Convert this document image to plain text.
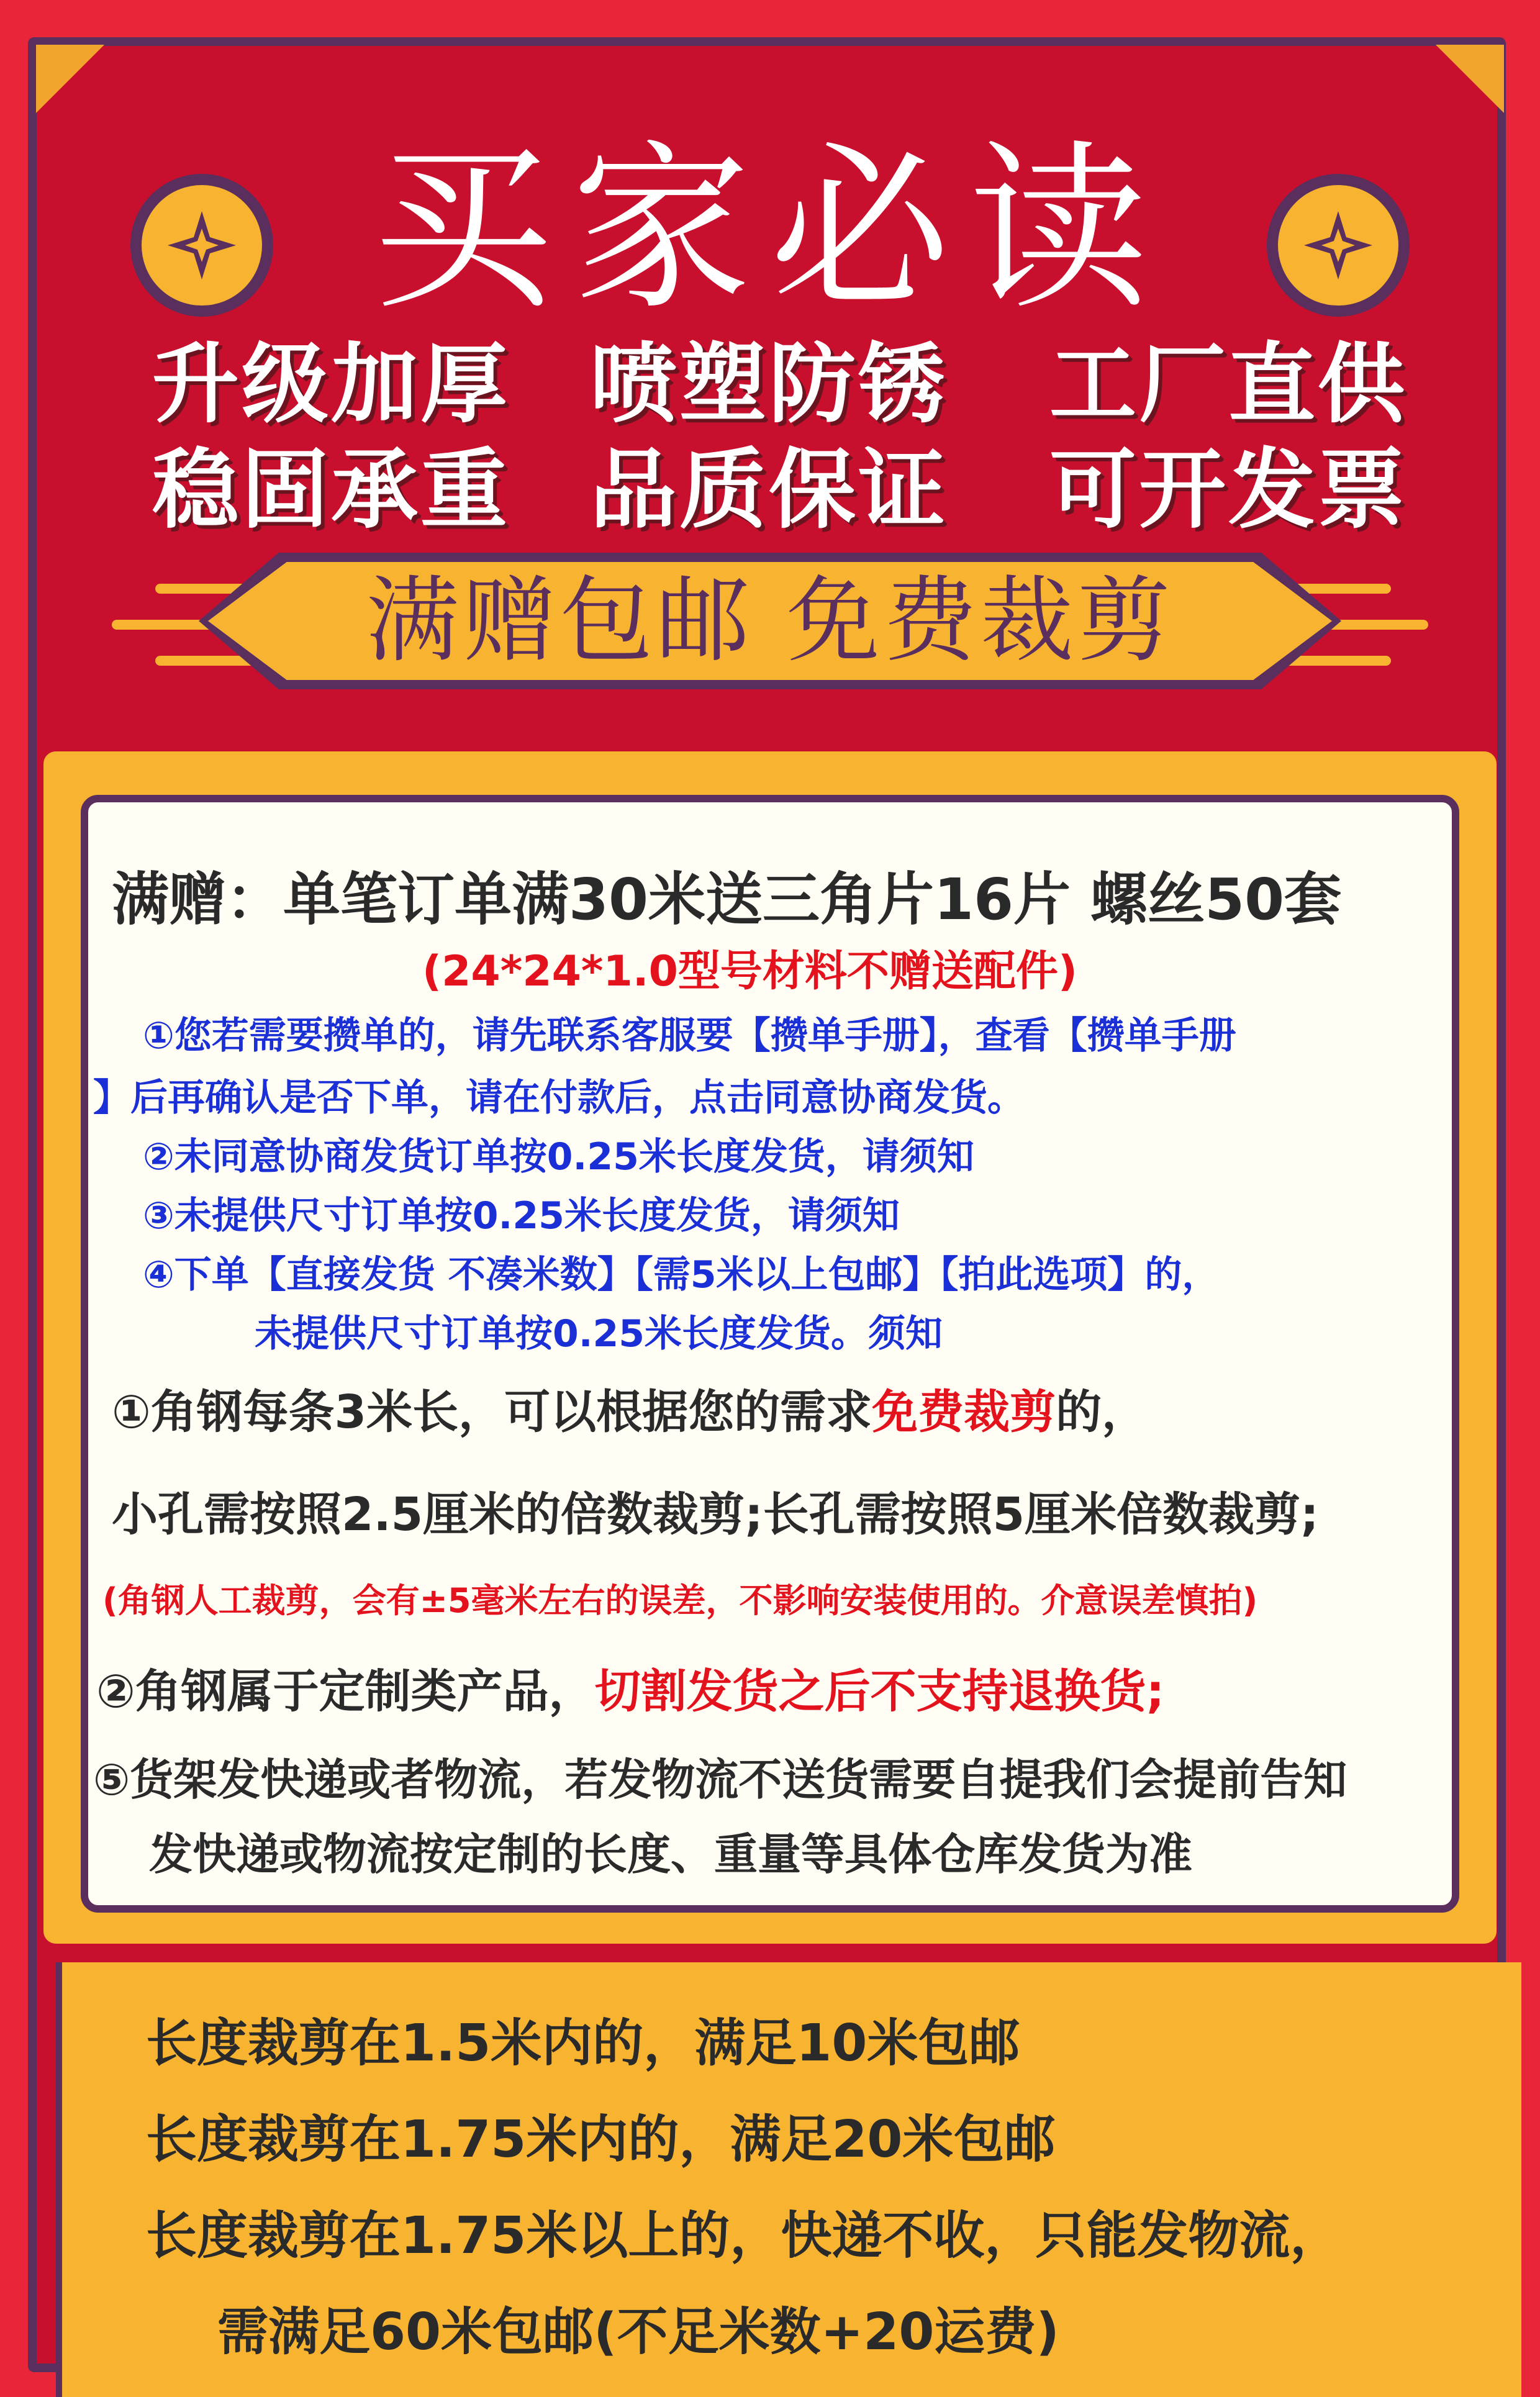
买家必读
升级加厚 喷塑防锈 工厂直供
稳固承重 品质保证 可开发票
满赠包邮 免费裁剪
满赠：单笔订单满30米送三角片16片 螺丝50套
(24*24*1.0型号材料不赠送配件)
①您若需要攒单的，请先联系客服要【攒单手册】，查看【攒单手册
】后再确认是否下单，请在付款后，点击同意协商发货。
②未同意协商发货订单按0.25米长度发货，请须知
③未提供尺寸订单按0.25米长度发货，请须知
④下单【直接发货 不凑米数】【需5米以上包邮】【拍此选项】的，
未提供尺寸订单按0.25米长度发货。须知
①角钢每条3米长，可以根据您的需求免费裁剪的，
小孔需按照2.5厘米的倍数裁剪;长孔需按照5厘米倍数裁剪;
(角钢人工裁剪，会有±5毫米左右的误差，不影响安装使用的。介意误差慎拍)
②角钢属于定制类产品，切割发货之后不支持退换货;
⑤货架发快递或者物流，若发物流不送货需要自提我们会提前告知
发快递或物流按定制的长度、重量等具体仓库发货为准
长度裁剪在1.5米内的，满足10米包邮
长度裁剪在1.75米内的，满足20米包邮
长度裁剪在1.75米以上的，快递不收，只能发物流，
需满足60米包邮(不足米数+20运费)
